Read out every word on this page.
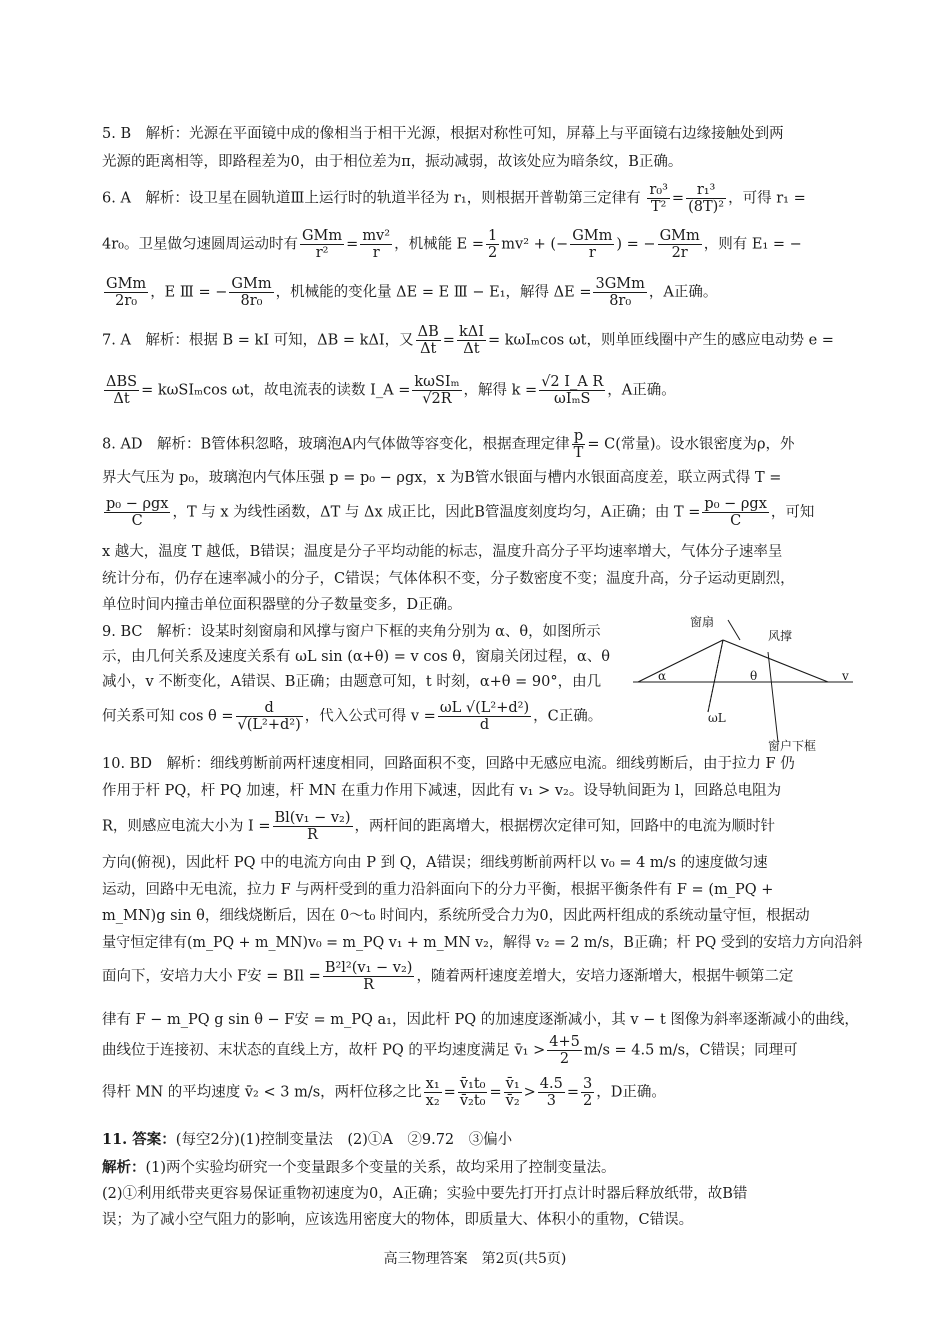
5. B　解析：光源在平面镜中成的像相当于相干光源，根据对称性可知，屏幕上与平面镜右边缘接触处到两
光源的距离相等，即路程差为0，由于相位差为π，振动减弱，故该处应为暗条纹，B正确。
6. A　解析：设卫星在圆轨道Ⅲ上运行时的轨道半径为 r₁，则根据开普勒第三定律有 $\frac{\text{r₀³}}{\text{T²}} = \frac{\text{r₁³}}{\text{(8T)²}}$ ，可得 r₁ =
4r₀。卫星做匀速圆周运动时有 $\frac{\text{GMm}}{\text{r²}} = \frac{\text{mv²}}{r}$ ，机械能 $E = \frac{1}{2} mv^2$ + (− $\frac{\text{GMm}}{r}$ ) = − $\frac{\text{GMm}}{2r}$ ，则有 E₁ = −
$\frac{\text{GMm}}{\text{2r₀}}$ ，E Ⅲ = − $\frac{\text{GMm}}{\text{8r₀}}$ ，机械能的变化量 ΔE = E Ⅲ − E₁，解得 $\Delta E = \frac{\text{3GMm}}{\text{8r₀}}$ ，A正确。
7. A　解析：根据 B = kI 可知，ΔB = kΔI，又 $\frac{\Delta B}{\Delta t} = \frac{\text{kΔI}}{\Delta t} = k\omega I_m\cos$ ωt，则单匝线圈中产生的感应电动势 e =
$\frac{\text{ΔBS}}{\Delta t} = k\omega SI_m\cos$ ωt，故电流表的读数 I_A = $\frac{\text{kωSIₘ}}{√2R}$ ，解得 $k = \frac{\text{√2 I\_A R}}{\text{ωIₘS}}$ ，A正确。
8. AD　解析：B管体积忽略，玻璃泡A内气体做等容变化，根据查理定律 $\frac{p}{T} = C$(常量)。设水银密度为ρ，外
界大气压为 p₀，玻璃泡内气体压强 p = p₀ − ρgx，x 为B管水银面与槽内水银面高度差，联立两式得 T =
$\frac{\text{p₀ − ρgx}}{C}$ ，T 与 x 为线性函数，ΔT 与 Δx 成正比，因此B管温度刻度均匀，A正确；由 $T = \frac{\text{p₀ − ρgx}}{C}$ ，可知
x 越大，温度 T 越低，B错误；温度是分子平均动能的标志，温度升高分子平均速率增大，气体分子速率呈
统计分布，仍存在速率减小的分子，C错误；气体体积不变，分子数密度不变；温度升高，分子运动更剧烈，
单位时间内撞击单位面积器壁的分子数量变多，D正确。
9. BC　解析：设某时刻窗扇和风撑与窗户下框的夹角分别为 α、θ，如图所示
示，由几何关系及速度关系有 ωL sin (α+θ) = v cos θ，窗扇关闭过程，α、θ
减小，v 不断变化，A错误、B正确；由题意可知，t 时刻，α+θ = 90°，由几
何关系可知 $\cos \theta = \frac{d}{\text{√(L²+d²)}}$ ，代入公式可得 $v = \frac{\text{ωL √(L²+d²)}}{d}$ ，C正确。
窗扇
风撑
α	θ	v
ωL
窗户下框
10. BD　解析：细线剪断前两杆速度相同，回路面积不变，回路中无感应电流。细线剪断后，由于拉力 F 仍
作用于杆 PQ，杆 PQ 加速，杆 MN 在重力作用下减速，因此有 v₁ > v₂。设导轨间距为 l，回路总电阻为
R，则感应电流大小为 $I = \frac{\text{Bl(v₁ − v₂)}}{R}$ ，两杆间的距离增大，根据楞次定律可知，回路中的电流为顺时针
方向(俯视)，因此杆 PQ 中的电流方向由 P 到 Q，A错误；细线剪断前两杆以 v₀ = 4 m/s 的速度做匀速
运动，回路中无电流，拉力 F 与两杆受到的重力沿斜面向下的分力平衡，根据平衡条件有 F = (m_PQ +
m_MN)g sin θ，细线烧断后，因在 0～t₀ 时间内，系统所受合力为0，因此两杆组成的系统动量守恒，根据动
量守恒定律有(m_PQ + m_MN)v₀ = m_PQ v₁ + m_MN v₂，解得 v₂ = 2 m/s，B正确；杆 PQ 受到的安培力方向沿斜
面向下，安培力大小 F安 = BIl = $\frac{\text{B²l²(v₁ − v₂)}}{R}$ ，随着两杆速度差增大，安培力逐渐增大，根据牛顿第二定
律有 F − m_PQ g sin θ − F安 = m_PQ a₁，因此杆 PQ 的加速度逐渐减小，其 v − t 图像为斜率逐渐减小的曲线，
曲线位于连接初、末状态的直线上方，故杆 PQ 的平均速度满足 v̄₁ > $\frac{4+5}{2} m/s = 4.5$ m/s，C错误；同理可
得杆 MN 的平均速度 v̄₂ < 3 m/s，两杆位移之比 $\frac{\text{x₁}}{\text{x₂}} = \frac{\text{v̄₁t₀}}{\text{v̄₂t₀}} = \frac{\text{v̄₁}}{\text{v̄₂}} > \frac{4.5}{3} = \frac{3}{2}$ ，D正确。
11. 答案：(每空2分)(1)控制变量法　(2)①A　②9.72　③偏小
解析：(1)两个实验均研究一个变量跟多个变量的关系，故均采用了控制变量法。
(2)①利用纸带夹更容易保证重物初速度为0，A正确；实验中要先打开打点计时器后释放纸带，故B错
误；为了减小空气阻力的影响，应该选用密度大的物体，即质量大、体积小的重物，C错误。
高三物理答案　第2页(共5页)
